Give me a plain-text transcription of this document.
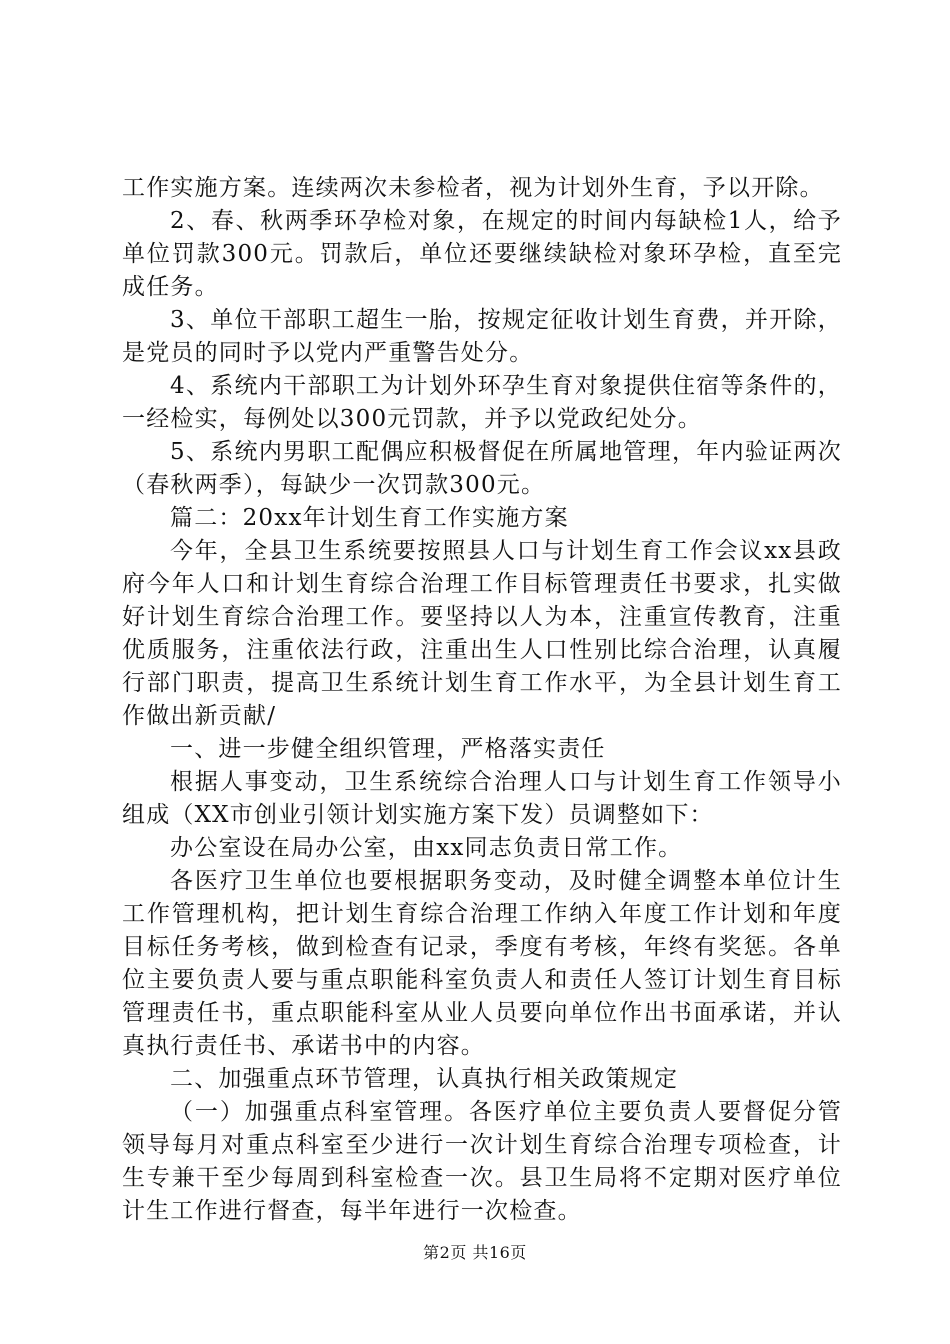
工作实施方案。连续两次未参检者，视为计划外生育，予以开除。

2、春、秋两季环孕检对象，在规定的时间内每缺检1人，给予单位罚款300元。罚款后，单位还要继续缺检对象环孕检，直至完成任务。

3、单位干部职工超生一胎，按规定征收计划生育费，并开除，是党员的同时予以党内严重警告处分。

4、系统内干部职工为计划外环孕生育对象提供住宿等条件的，一经检实，每例处以300元罚款，并予以党政纪处分。

5、系统内男职工配偶应积极督促在所属地管理，年内验证两次（春秋两季），每缺少一次罚款300元。

篇二：20xx年计划生育工作实施方案

今年，全县卫生系统要按照县人口与计划生育工作会议xx县政府今年人口和计划生育综合治理工作目标管理责任书要求，扎实做好计划生育综合治理工作。要坚持以人为本，注重宣传教育，注重优质服务，注重依法行政，注重出生人口性别比综合治理，认真履行部门职责，提高卫生系统计划生育工作水平，为全县计划生育工作做出新贡献/

一、进一步健全组织管理，严格落实责任

根据人事变动，卫生系统综合治理人口与计划生育工作领导小组成（XX市创业引领计划实施方案下发）员调整如下：

办公室设在局办公室，由xx同志负责日常工作。

各医疗卫生单位也要根据职务变动，及时健全调整本单位计生工作管理机构，把计划生育综合治理工作纳入年度工作计划和年度目标任务考核，做到检查有记录，季度有考核，年终有奖惩。各单位主要负责人要与重点职能科室负责人和责任人签订计划生育目标管理责任书，重点职能科室从业人员要向单位作出书面承诺，并认真执行责任书、承诺书中的内容。

二、加强重点环节管理，认真执行相关政策规定

（一）加强重点科室管理。各医疗单位主要负责人要督促分管领导每月对重点科室至少进行一次计划生育综合治理专项检查，计生专兼干至少每周到科室检查一次。县卫生局将不定期对医疗单位计生工作进行督查，每半年进行一次检查。

第2页 共16页
